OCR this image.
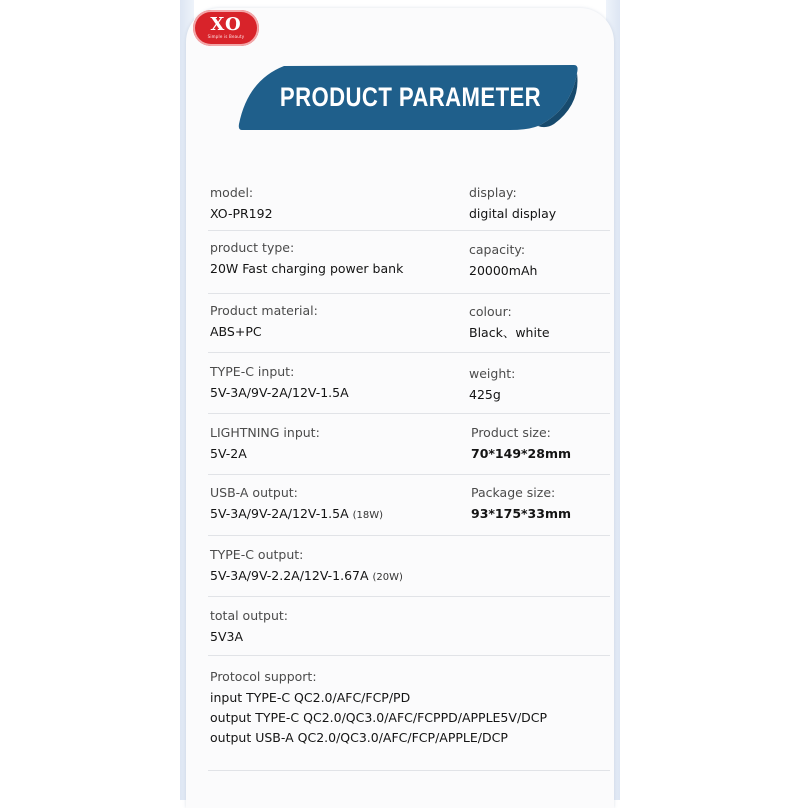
XO
Simple is Beauty
PRODUCT PARAMETER
model:
XO-PR192
display:
digital display
product type:
20W Fast charging power bank
capacity:
20000mAh
Product material:
ABS+PC
colour:
Black、white
TYPE-C input:
5V-3A/9V-2A/12V-1.5A
weight:
425g
LIGHTNING input:
5V-2A
Product size:
70*149*28mm
USB-A output:
5V-3A/9V-2A/12V-1.5A (18W)
Package size:
93*175*33mm
TYPE-C output:
5V-3A/9V-2.2A/12V-1.67A (20W)
total output:
5V3A
Protocol support:
input TYPE-C QC2.0/AFC/FCP/PD
output TYPE-C QC2.0/QC3.0/AFC/FCPPD/APPLE5V/DCP
output USB-A QC2.0/QC3.0/AFC/FCP/APPLE/DCP
